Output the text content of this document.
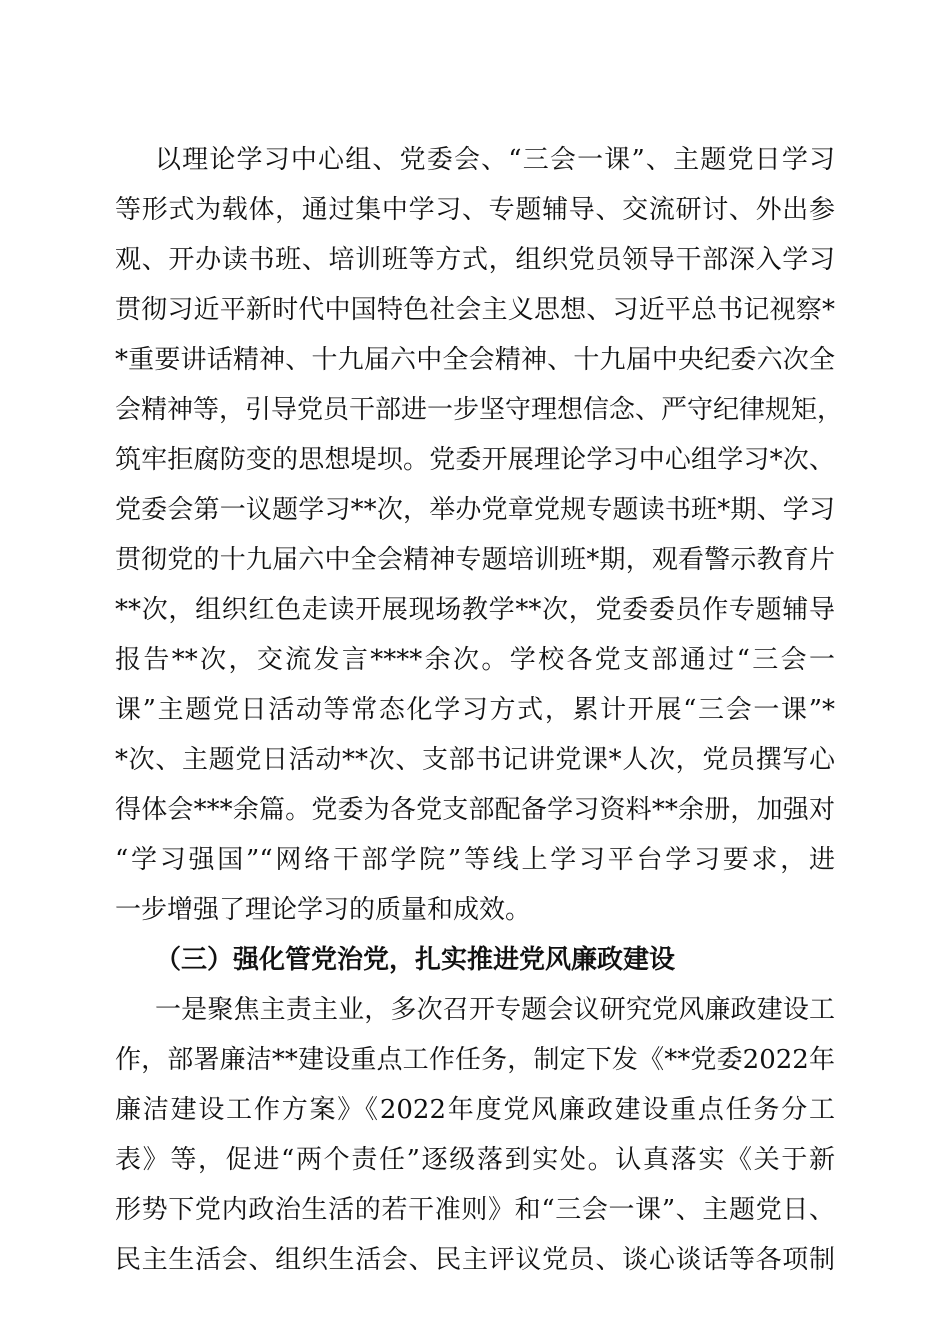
以理论学习中心组、党委会、“三会一课”、主题党日学习
等形式为载体，通过集中学习、专题辅导、交流研讨、外出参
观、开办读书班、培训班等方式，组织党员领导干部深入学习
贯彻习近平新时代中国特色社会主义思想、习近平总书记视察*
*重要讲话精神、十九届六中全会精神、十九届中央纪委六次全
会精神等，引导党员干部进一步坚守理想信念、严守纪律规矩，
筑牢拒腐防变的思想堤坝。党委开展理论学习中心组学习*次、
党委会第一议题学习**次，举办党章党规专题读书班*期、学习
贯彻党的十九届六中全会精神专题培训班*期，观看警示教育片
**次，组织红色走读开展现场教学**次，党委委员作专题辅导
报告**次，交流发言****余次。学校各党支部通过“三会一
课”主题党日活动等常态化学习方式，累计开展“三会一课”*
*次、主题党日活动**次、支部书记讲党课*人次，党员撰写心
得体会***余篇。党委为各党支部配备学习资料**余册，加强对
“学习强国”“网络干部学院”等线上学习平台学习要求，进
一步增强了理论学习的质量和成效。
（三）强化管党治党，扎实推进党风廉政建设
一是聚焦主责主业，多次召开专题会议研究党风廉政建设工
作，部署廉洁**建设重点工作任务，制定下发《**党委2022年
廉洁建设工作方案》《2022年度党风廉政建设重点任务分工
表》等，促进“两个责任”逐级落到实处。认真落实《关于新
形势下党内政治生活的若干准则》和“三会一课”、主题党日、
民主生活会、组织生活会、民主评议党员、谈心谈话等各项制
